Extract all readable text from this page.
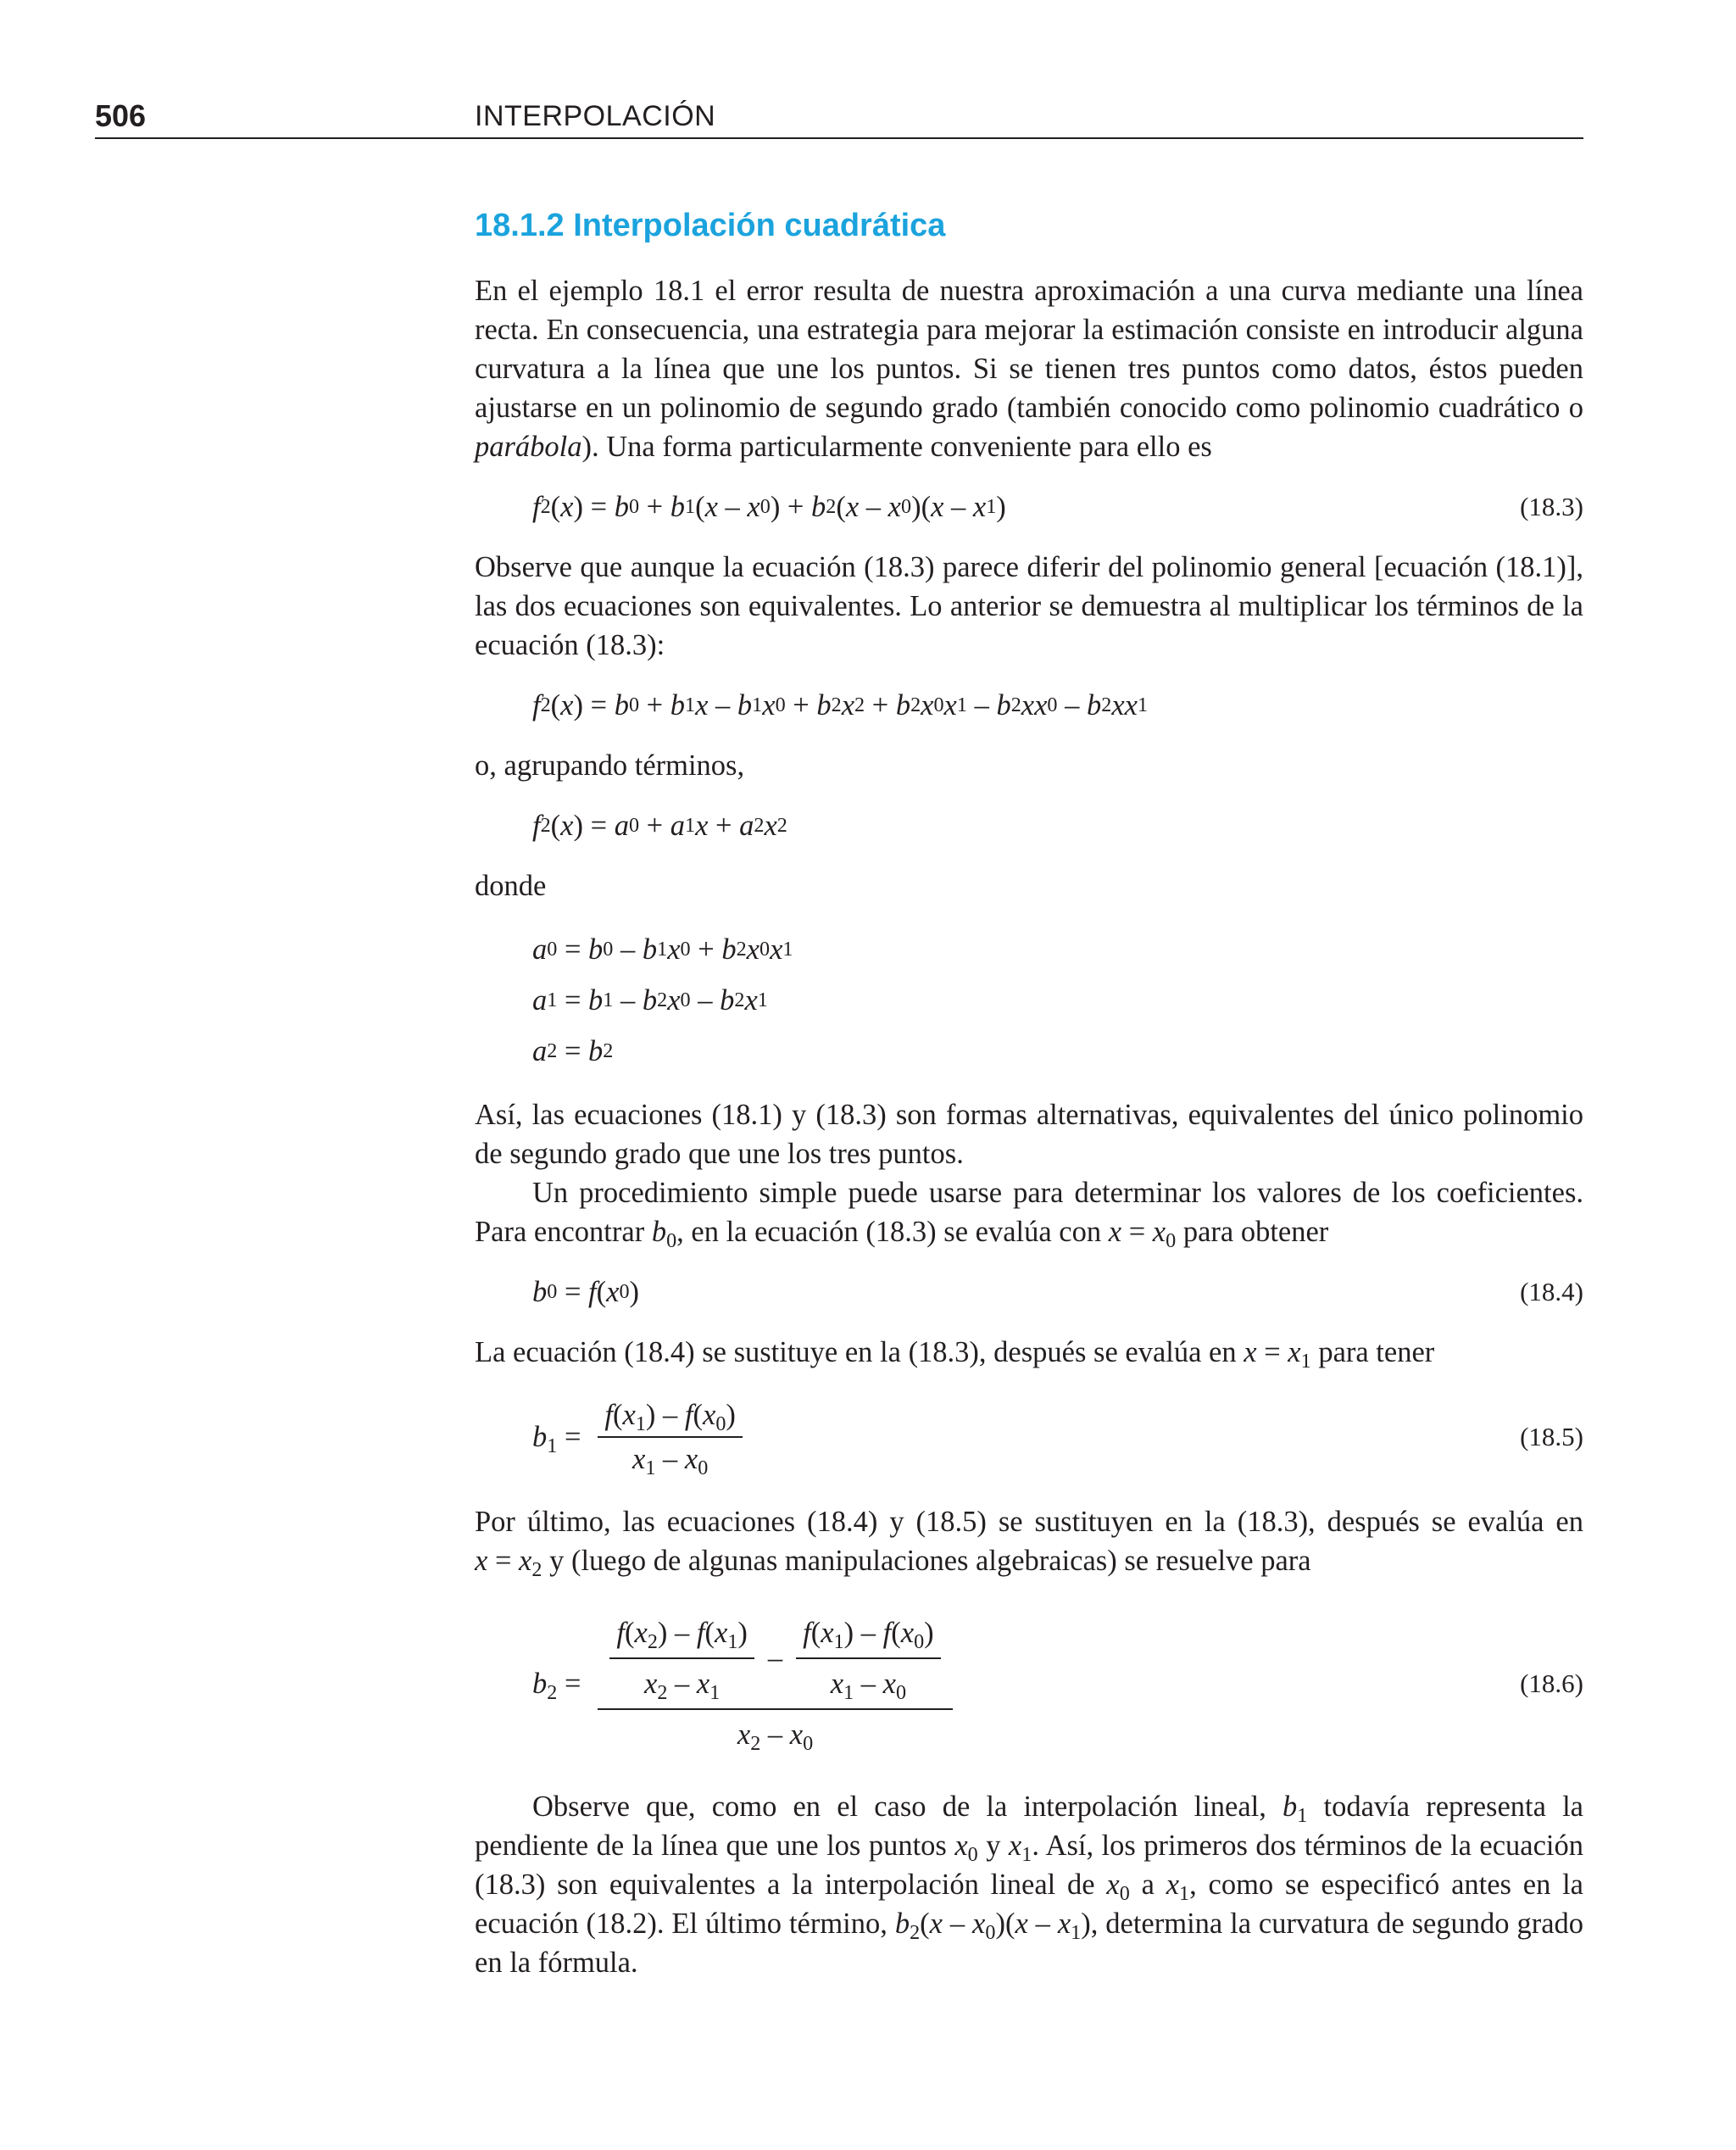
506	INTERPOLACIÓN
18.1.2 Interpolación cuadrática

En el ejemplo 18.1 el error resulta de nuestra aproximación a una curva mediante una línea recta. En consecuencia, una estrategia para mejorar la estimación consiste en introducir alguna curvatura a la línea que une los puntos. Si se tienen tres puntos como datos, éstos pueden ajustarse en un polinomio de segundo grado (también conocido como polinomio cuadrático o parábola). Una forma particularmente conveniente para ello es

f 2 ( x ) = b 0 + b 1 ( x – x 0 ) + b 2 ( x – x 0 )( x – x 1 )	(18.3)

Observe que aunque la ecuación (18.3) parece diferir del polinomio general [ecuación (18.1)], las dos ecuaciones son equivalentes. Lo anterior se demuestra al multiplicar los términos de la ecuación (18.3):

f 2 ( x ) = b 0 + b 1 x – b 1 x 0 + b 2 x 2 + b 2 x 0 x 1 – b 2 xx 0 – b 2 xx 1

o, agrupando términos,

f 2 ( x ) = a 0 + a 1 x + a 2 x 2

donde

a 0 = b 0 – b 1 x 0 + b 2 x 0 x 1
a 1 = b 1 – b 2 x 0 – b 2 x 1
a 2 = b 2

Así, las ecuaciones (18.1) y (18.3) son formas alternativas, equivalentes del único polinomio de segundo grado que une los tres puntos.

Un procedimiento simple puede usarse para determinar los valores de los coeficientes. Para encontrar $b_0$, en la ecuación (18.3) se evalúa con $x = x_0$ para obtener

b 0 = f ( x 0 )	(18.4)

La ecuación (18.4) se sustituye en la (18.3), después se evalúa en $x = x_1$ para tener

$b_1 = \frac{f(x_1) - f(x_0)}{x_1 - x_0}$	(18.5)

Por último, las ecuaciones (18.4) y (18.5) se sustituyen en la (18.3), después se evalúa en $x = x_2$ y (luego de algunas manipulaciones algebraicas) se resuelve para

$b_2 = \frac{f(x_2) - f(x_1)}{x_2 - x_1} - \frac{f(x_1) - f(x_0)}{x_1 - x_0}$
$x_2 - x_0$
(18.6)

Observe que, como en el caso de la interpolación lineal, $b_1$ todavía representa la pendiente de la línea que une los puntos $x_0$ y $x_1$. Así, los primeros dos términos de la ecuación (18.3) son equivalentes a la interpolación lineal de $x_0$ a $x_1$, como se especificó antes en la ecuación (18.2). El último término, $b_2(x - x_0)(x - x_1)$, determina la curvatura de segundo grado en la fórmula.
